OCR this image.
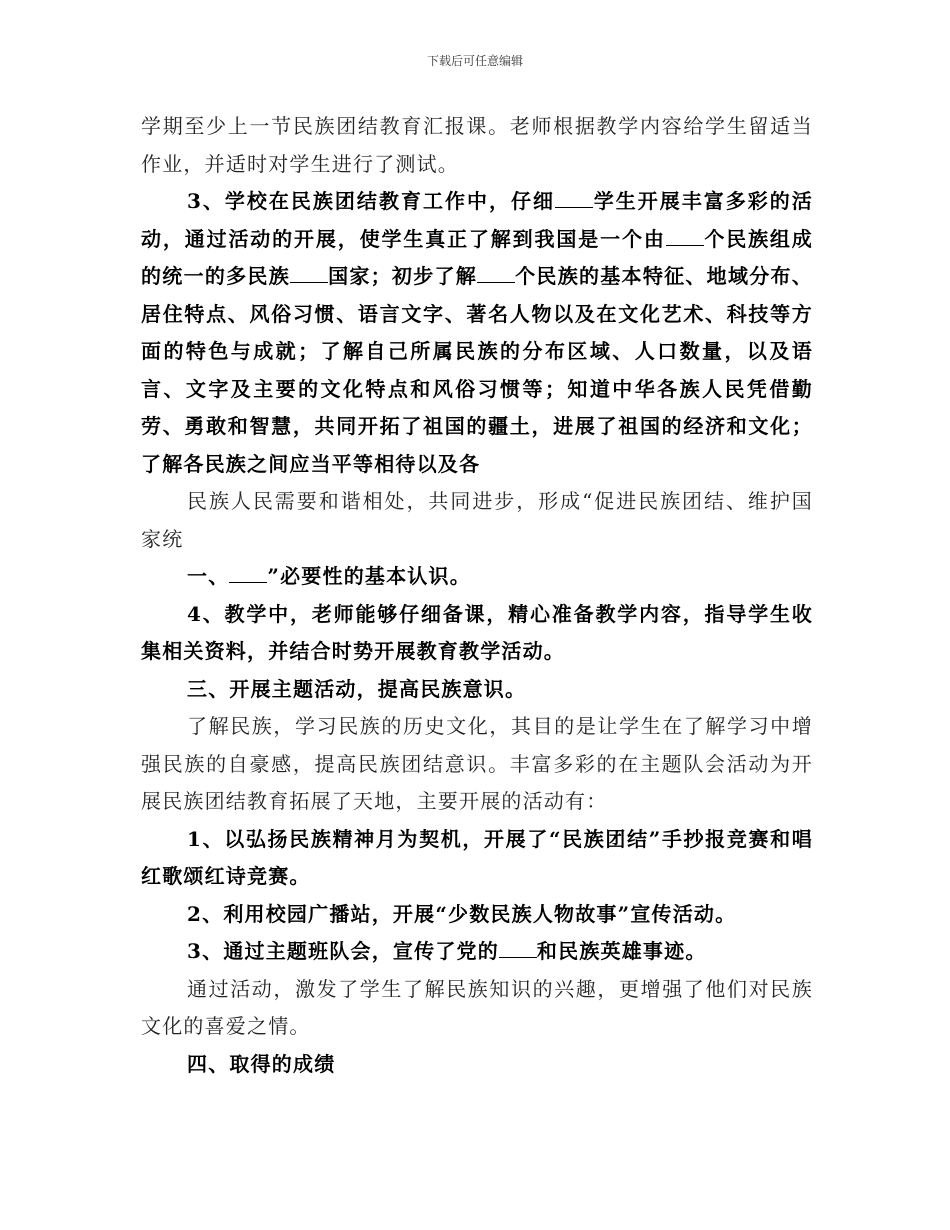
下载后可任意编辑

学期至少上一节民族团结教育汇报课。老师根据教学内容给学生留适当作业，并适时对学生进行了测试。

3、学校在民族团结教育工作中，仔细 学生开展丰富多彩的活动，通过活动的开展，使学生真正了解到我国是一个由 个民族组成的统一的多民族 国家；初步了解 个民族的基本特征、地域分布、居住特点、风俗习惯、语言文字、著名人物以及在文化艺术、科技等方面的特色与成就；了解自己所属民族的分布区域、人口数量，以及语言、文字及主要的文化特点和风俗习惯等；知道中华各族人民凭借勤劳、勇敢和智慧，共同开拓了祖国的疆土，进展了祖国的经济和文化；了解各民族之间应当平等相待以及各

民族人民需要和谐相处，共同进步，形成“促进民族团结、维护国家统

一、 ”必要性的基本认识。

4、教学中，老师能够仔细备课，精心准备教学内容，指导学生收集相关资料，并结合时势开展教育教学活动。

三、开展主题活动，提高民族意识。

了解民族，学习民族的历史文化，其目的是让学生在了解学习中增强民族的自豪感，提高民族团结意识。丰富多彩的在主题队会活动为开展民族团结教育拓展了天地，主要开展的活动有：

1、以弘扬民族精神月为契机，开展了“民族团结”手抄报竞赛和唱红歌颂红诗竞赛。

2、利用校园广播站，开展“少数民族人物故事”宣传活动。

3、通过主题班队会，宣传了党的 和民族英雄事迹。

通过活动，激发了学生了解民族知识的兴趣，更增强了他们对民族文化的喜爱之情。

四、取得的成绩
